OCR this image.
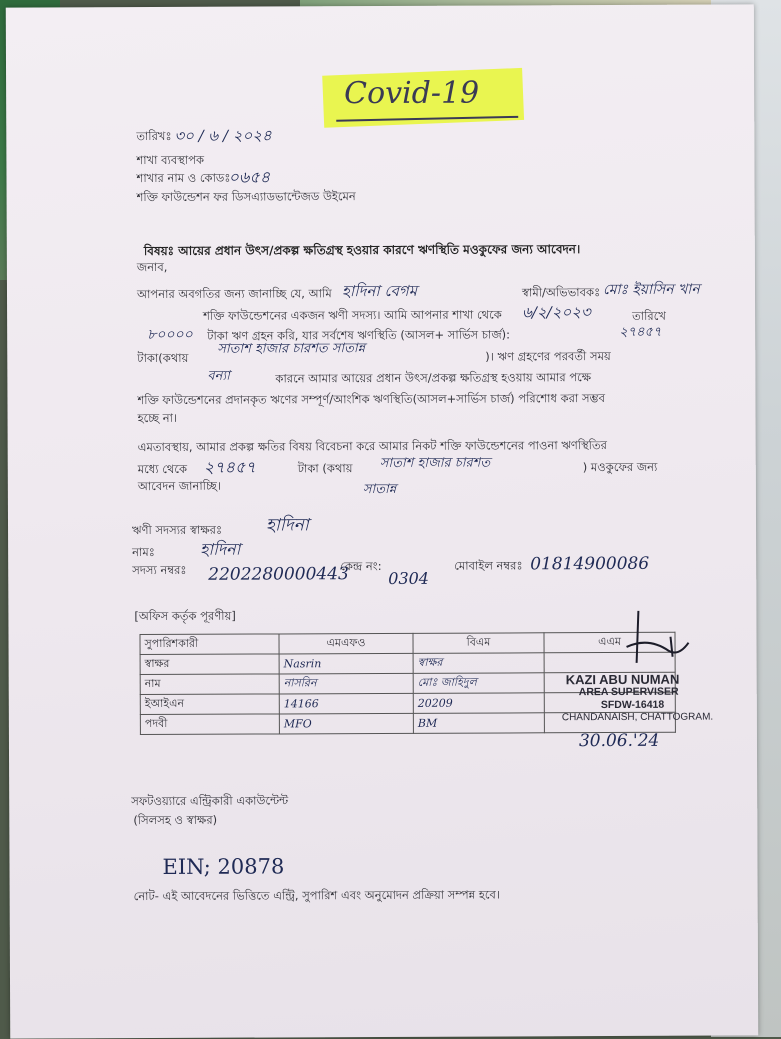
Covid-19
তারিখঃ ৩০ / ৬ / ২০২৪
শাখা ব্যবস্থাপক
শাখার নাম ও কোডঃ
০৬৫৪
শক্তি ফাউন্ডেশন ফর ডিসএ্যাডভান্টেজড উইমেন
বিষয়ঃ আয়ের প্রধান উৎস/প্রকল্প ক্ষতিগ্রস্থ হওয়ার কারণে ঋণস্থিতি মওকুফের জন্য আবেদন।
জনাব,
আপনার অবগতির জন্য জানাচ্ছি যে, আমি হাদিনা বেগম	স্বামী/অভিভাবকঃ মোঃ ইয়াসিন খান
শক্তি ফাউন্ডেশনের একজন ঋণী সদস্য। আমি আপনার শাখা থেকে ৬/২/২০২৩	তারিখে
৮০০০০ টাকা ঋণ গ্রহন করি, যার সর্বশেষ ঋণস্থিতি (আসল+ সার্ভিস চার্জ):	২৭৪৫৭
টাকা(কথায়
সাতাশ হাজার চারশত সাতান্ন	)। ঋণ গ্রহণের পরবর্তী সময়
বন্যা	কারনে আমার আয়ের প্রধান উৎস/প্রকল্প ক্ষতিগ্রস্থ হওয়ায় আমার পক্ষে
শক্তি ফাউন্ডেশনের প্রদানকৃত ঋণের সম্পূর্ণ/আংশিক ঋণস্থিতি(আসল+সার্ভিস চার্জ) পরিশোধ করা সম্ভব
হচ্ছে না।
এমতাবস্থায়, আমার প্রকল্প ক্ষতির বিষয় বিবেচনা করে আমার নিকট শক্তি ফাউন্ডেশনের পাওনা ঋণস্থিতির
মধ্যে থেকে ২৭৪৫৭	টাকা (কথায় সাতাশ হাজার চারশত	) মওকুফের জন্য
আবেদন জানাচ্ছি।	সাতান্ন
ঋণী সদস্যর স্বাক্ষরঃ	হাদিনা
নামঃ	হাদিনা
সদস্য নম্বরঃ 2202280000443
কেন্দ্র নং:
0304
মোবাইল নম্বরঃ 01814900086
[অফিস কর্তৃক পূরণীয়]
সুপারিশকারী	এমএফও	বিএম	এএম
স্বাক্ষর	Nasrin	স্বাক্ষর	
নাম	নাসরিন	মোঃ জাহিদুল	
ইআইএন	14166	20209	
পদবী	MFO	BM	
KAZI ABU NUMAN
AREA SUPERVISER
SFDW-16418
CHANDANAISH, CHATTOGRAM.
30.06.'24
সফটওয়্যারে এন্ট্রিকারী একাউন্টেন্ট
(সিলসহ ও স্বাক্ষর)
EIN; 20878
নোট- এই আবেদনের ভিত্তিতে এন্ট্রি, সুপারিশ এবং অনুমোদন প্রক্রিয়া সম্পন্ন হবে।
